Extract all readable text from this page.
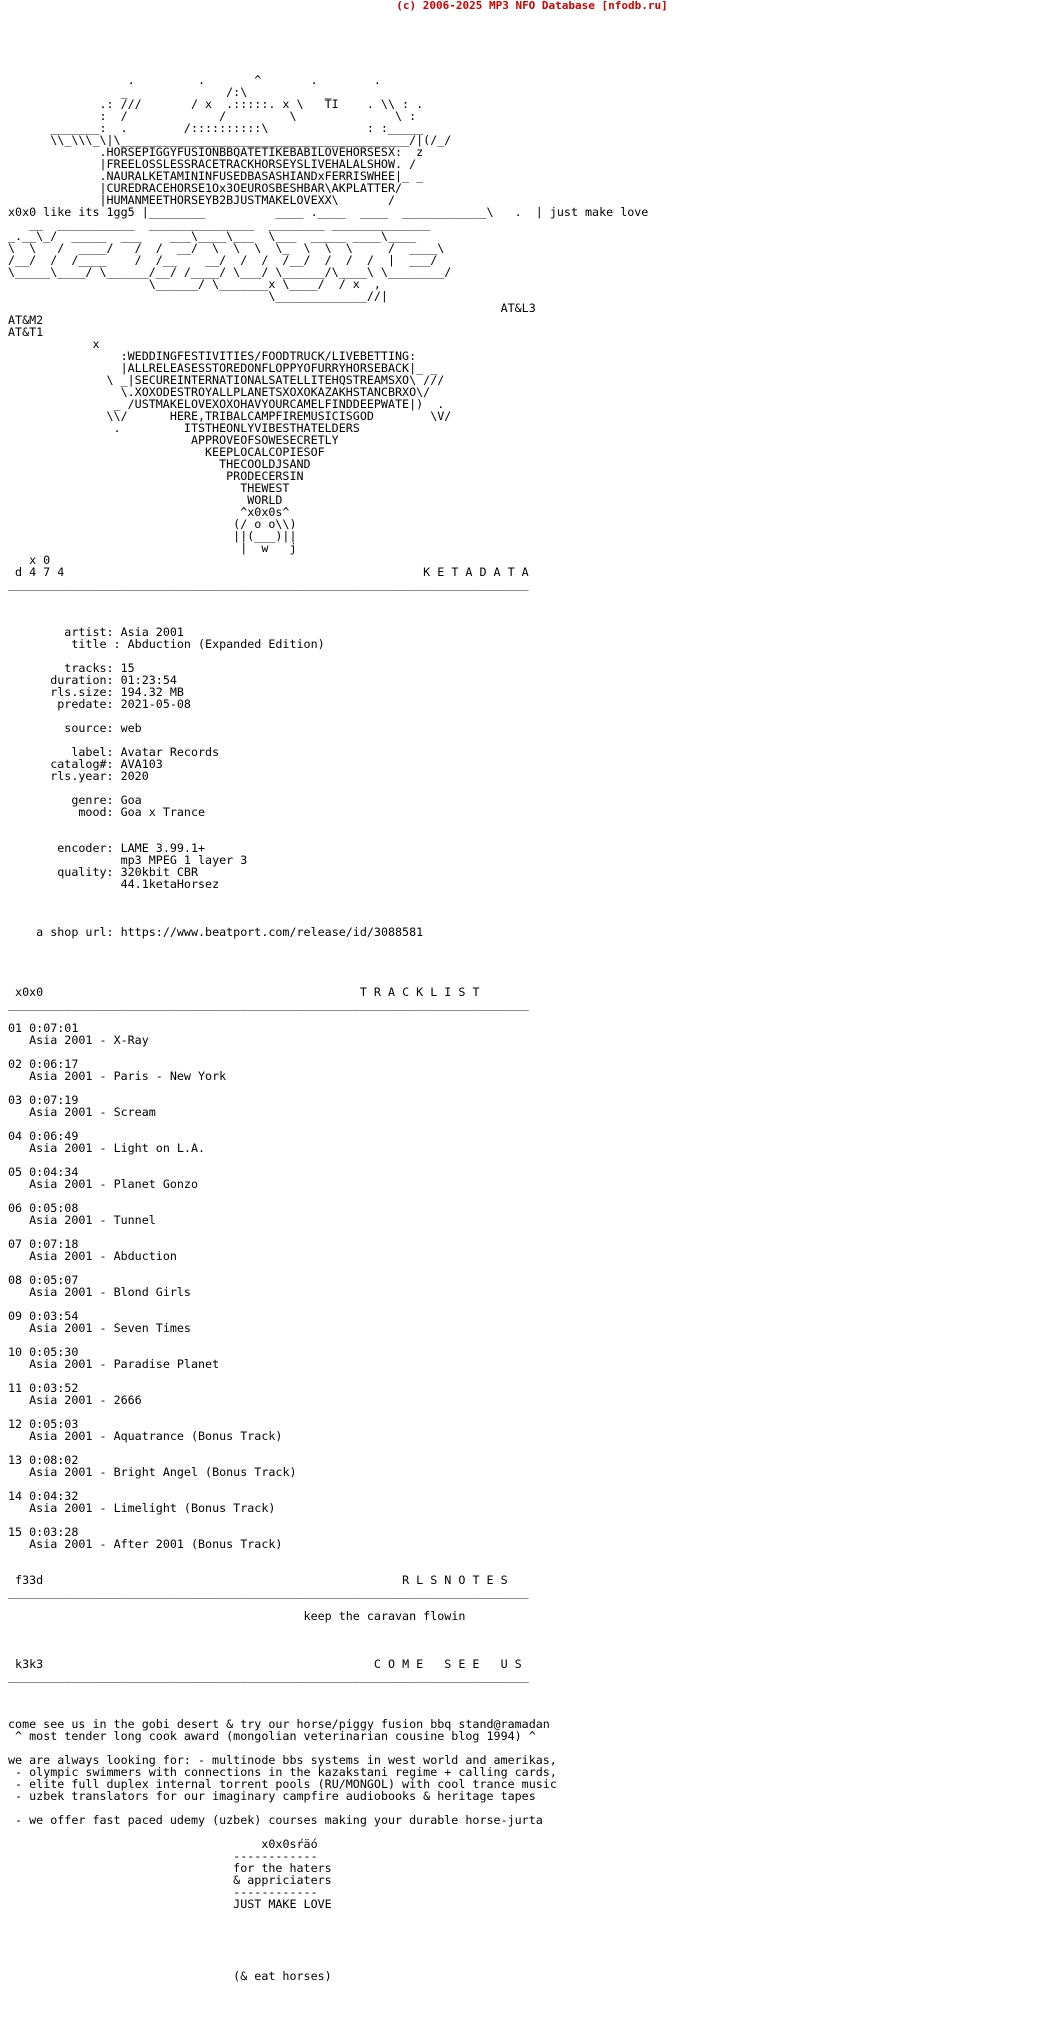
(c) 2006-2025 MP3 NFO Database [nfodb.ru]
.         .       ^       .        .
_              /:\           _
.: ///       / x  .:::::. x \   TI    . \\ : .
:  /             /         \              \ :
_______:  .        /::::::::::\              : :_____
\\_\\\_\|\_________________________________________/|(/_/
.HORSEPIGGYFUSIONBBQATETIKEBABILOVEHORSESX:  z
|FREELOSSLESSRACETRACKHORSEYSLIVEHALALSHOW. /
.NAURALKETAMININFUSEDBASASHIANDxFERRISWHEE|_ _
|CUREDRACEHORSE1Ox3OEUROSBESHBAR\AKPLATTER/
|HUMANMEETHORSEYB2BJUSTMAKELOVEXX\       /
x0x0 like its 1gg5 |________          ____ .____  ____  ____________\   .  | just make love
__  ___________  _______________  ________ ______________
_.__\_/  _____  ___    ___\____\___  \___  _____ ____\____
\  \   /  ____/   /  /  __/  \  \  \  \_  \  \  \     /  ____\
/__/  /  /____    /  /__    __/  /  /  /__/  /  /  /  |  ___/
\_____\____/ \______/__/ /____/ \___/ \______/\____\ \________/
\______/ \_______x \____/  / x  ,
\_____________//|
AT&L3
AT&M2
AT&T1
x
:WEDDINGFESTIVITIES/FOODTRUCK/LIVEBETTING:
|ALLRELEASESSTOREDONFLOPPYOFURRYHORSEBACK|_ _
\ _|SECUREINTERNATIONALSATELLITEHQSTREAMSXO\ ///
\.XOXODESTROYALLPLANETSXOXOKAZAKHSTANCBRXO\/
_ /USTMAKELOVEXOXOHAVYOURCAMELFINDDEEPWATE|)  .
\\/      HERE,TRIBALCAMPFIREMUSICISGOD        \V/
.         ITSTHEONLYVIBESTHATELDERS
APPROVEOFSOWESECRETLY
KEEPLOCALCOPIESOF
THECOOLDJSAND
PRODECERSIN
THEWEST
WORLD
^x0x0s^
(/ o o\\)
||(___)||
|  w   j
x 0
d 4 7 4	K E T A D A T A
__________________________________________________________________________

artist: Asia 2001
title : Abduction (Expanded Edition)

tracks: 15
duration: 01:23:54
rls.size: 194.32 MB
predate: 2021-05-08

source: web

label: Avatar Records
catalog#: AVA103
rls.year: 2020

genre: Goa
mood: Goa x Trance

encoder: LAME 3.99.1+
mp3 MPEG 1 layer 3
quality: 320kbit CBR
44.1ketaHorsez

a shop url: https://www.beatport.com/release/id/3088581

x0x0	T R A C K L I S T
__________________________________________________________________________

01 0:07:01
Asia 2001 - X-Ray

02 0:06:17
Asia 2001 - Paris - New York

03 0:07:19
Asia 2001 - Scream

04 0:06:49
Asia 2001 - Light on L.A.

05 0:04:34
Asia 2001 - Planet Gonzo

06 0:05:08
Asia 2001 - Tunnel

07 0:07:18
Asia 2001 - Abduction

08 0:05:07
Asia 2001 - Blond Girls

09 0:03:54
Asia 2001 - Seven Times

10 0:05:30
Asia 2001 - Paradise Planet

11 0:03:52
Asia 2001 - 2666

12 0:05:03
Asia 2001 - Aquatrance (Bonus Track)

13 0:08:02
Asia 2001 - Bright Angel (Bonus Track)

14 0:04:32
Asia 2001 - Limelight (Bonus Track)

15 0:03:28
Asia 2001 - After 2001 (Bonus Track)

f33d	R L S N O T E S
__________________________________________________________________________

keep the caravan flowin

k3k3	C O M E   S E E   U S
__________________________________________________________________________

come see us in the gobi desert & try our horse/piggy fusion bbq stand@ramadan
^ most tender long cook award (mongolian veterinarian cousine blog 1994) ^

we are always looking for: - multinode bbs systems in west world and amerikas,
- olympic swimmers with connections in the kazakstani regime + calling cards,
- elite full duplex internal torrent pools (RU/MONGOL) with cool trance music
- uzbek translators for our imaginary campfire audiobooks & heritage tapes

- we offer fast paced udemy (uzbek) courses making your durable horse-jurta

x0x0sŕäó
------------
for the haters
& appriciaters
------------
JUST MAKE LOVE

(& eat horses)
